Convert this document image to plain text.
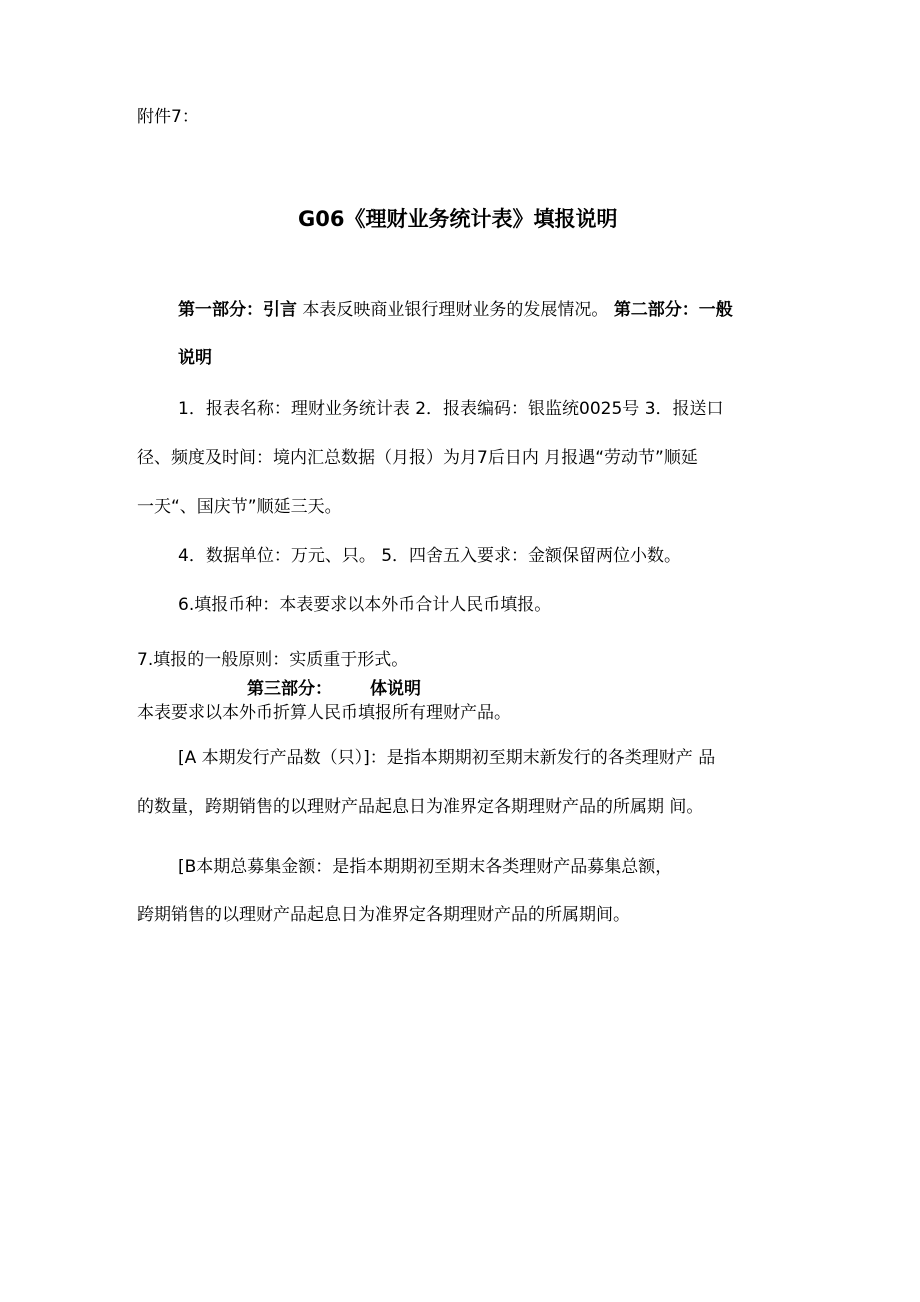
附件7：
G06《理财业务统计表》填报说明
第一部分：引言 本表反映商业银行理财业务的发展情况。 第二部分：一般
说明
1．报表名称：理财业务统计表 2．报表编码：银监统0025号 3．报送口
径、频度及时间：境内汇总数据（月报）为月7后日内 月报遇“劳动节”顺延
一天“、国庆节”顺延三天。
4．数据单位：万元、只。 5．四舍五入要求：金额保留两位小数。
6.填报币种：本表要求以本外币合计人民币填报。
7.填报的一般原则：实质重于形式。
第三部分： 体说明
本表要求以本外币折算人民币填报所有理财产品。
[A 本期发行产品数（只）]：是指本期期初至期末新发行的各类理财产 品
的数量，跨期销售的以理财产品起息日为准界定各期理财产品的所属期 间。
[B本期总募集金额：是指本期期初至期末各类理财产品募集总额，
跨期销售的以理财产品起息日为准界定各期理财产品的所属期间。
